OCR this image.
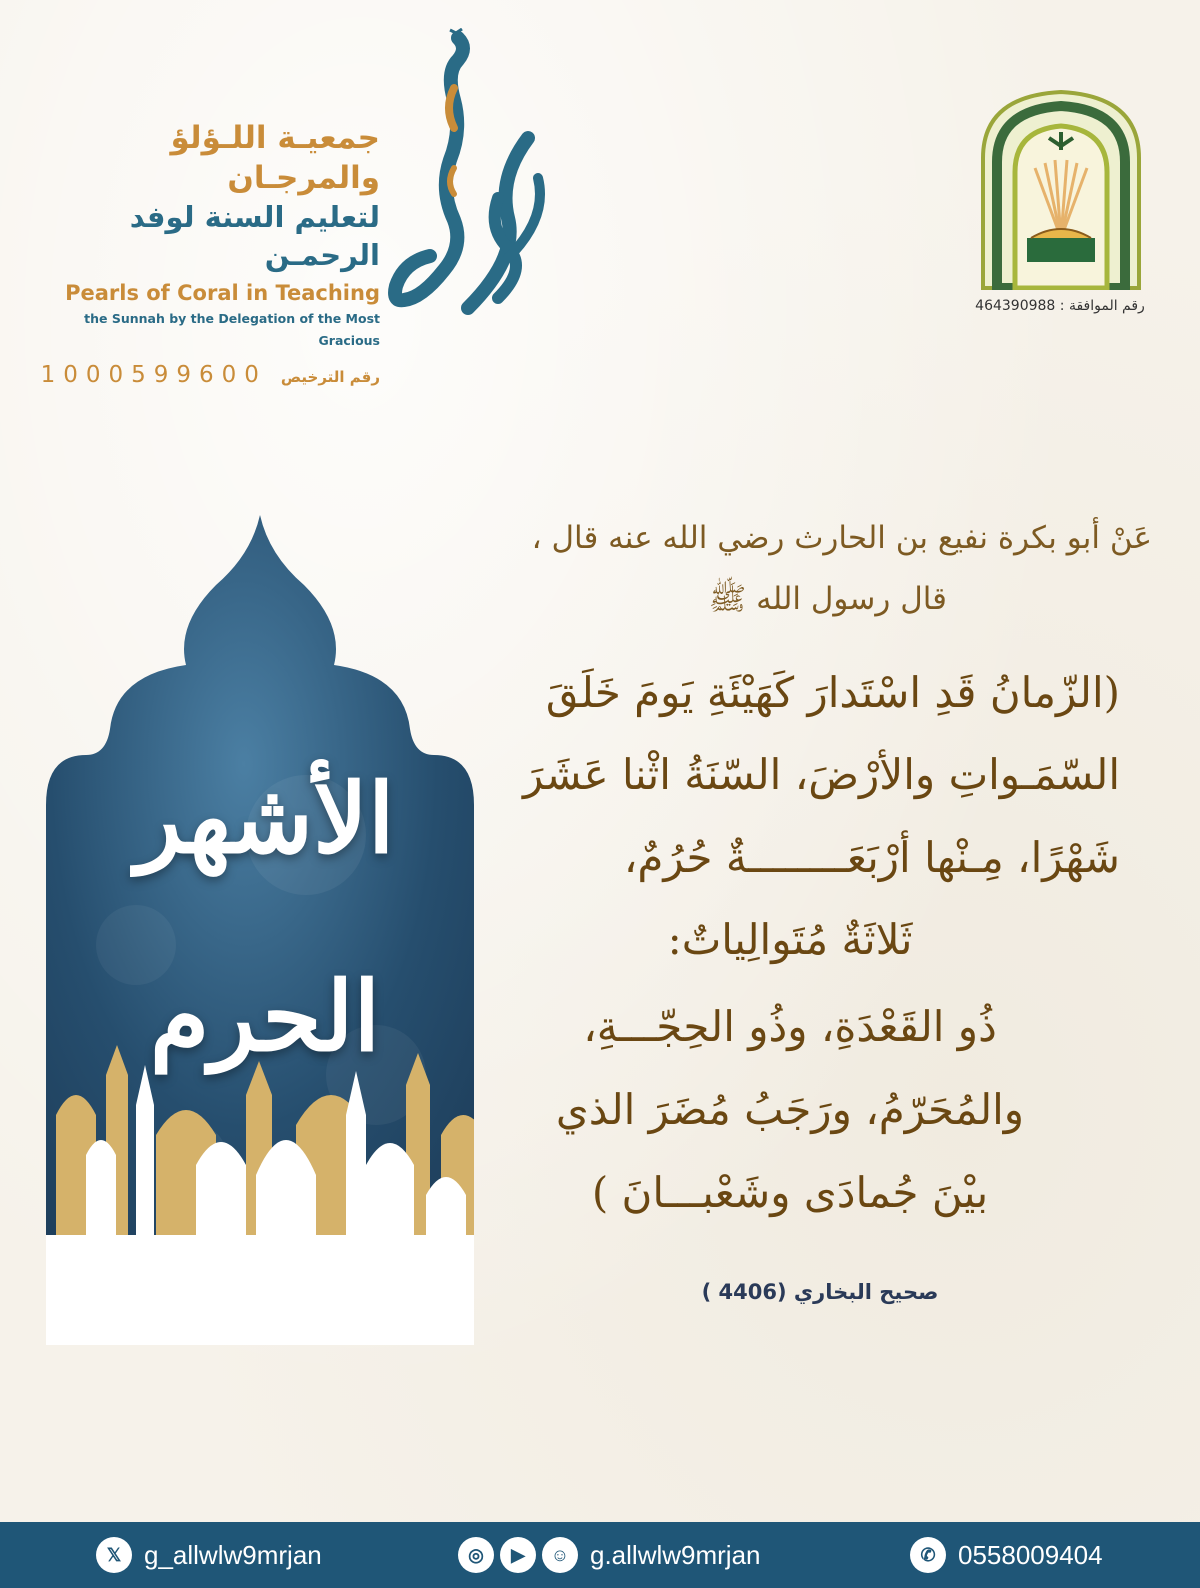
جمعيـة اللـؤلؤ والمرجـان
لتعليم السنة لوفد الرحمـن
Pearls of Coral in Teaching
the Sunnah by the Delegation of the Most Gracious
1000599600 رقم الترخيص
رقم الموافقة : 464390988
الأشهر
الحرم
عَنْ أبو بكرة نفيع بن الحارث رضي الله عنه قال ،
قال رسول الله ﷺ
(الزّمانُ قَدِ اسْتَدارَ كَهَيْئَةِ يَومَ خَلَقَ
السّمَـواتِ والأرْضَ، السّنَةُ اثْنا عَشَرَ
شَهْرًا، مِـنْها أرْبَعَــــــــةٌ حُرُمٌ،
ثَلاثَةٌ مُتَوالِياتٌ:
ذُو القَعْدَةِ، وذُو الحِجّـــةِ،
والمُحَرّمُ، ورَجَبُ مُضَرَ الذي
بيْنَ جُمادَى وشَعْبـــانَ )
صحيح البخاري (4406 )
𝕏 g_allwlw9mrjan	◎	▶	☺ g.allwlw9mrjan	✆ 0558009404
